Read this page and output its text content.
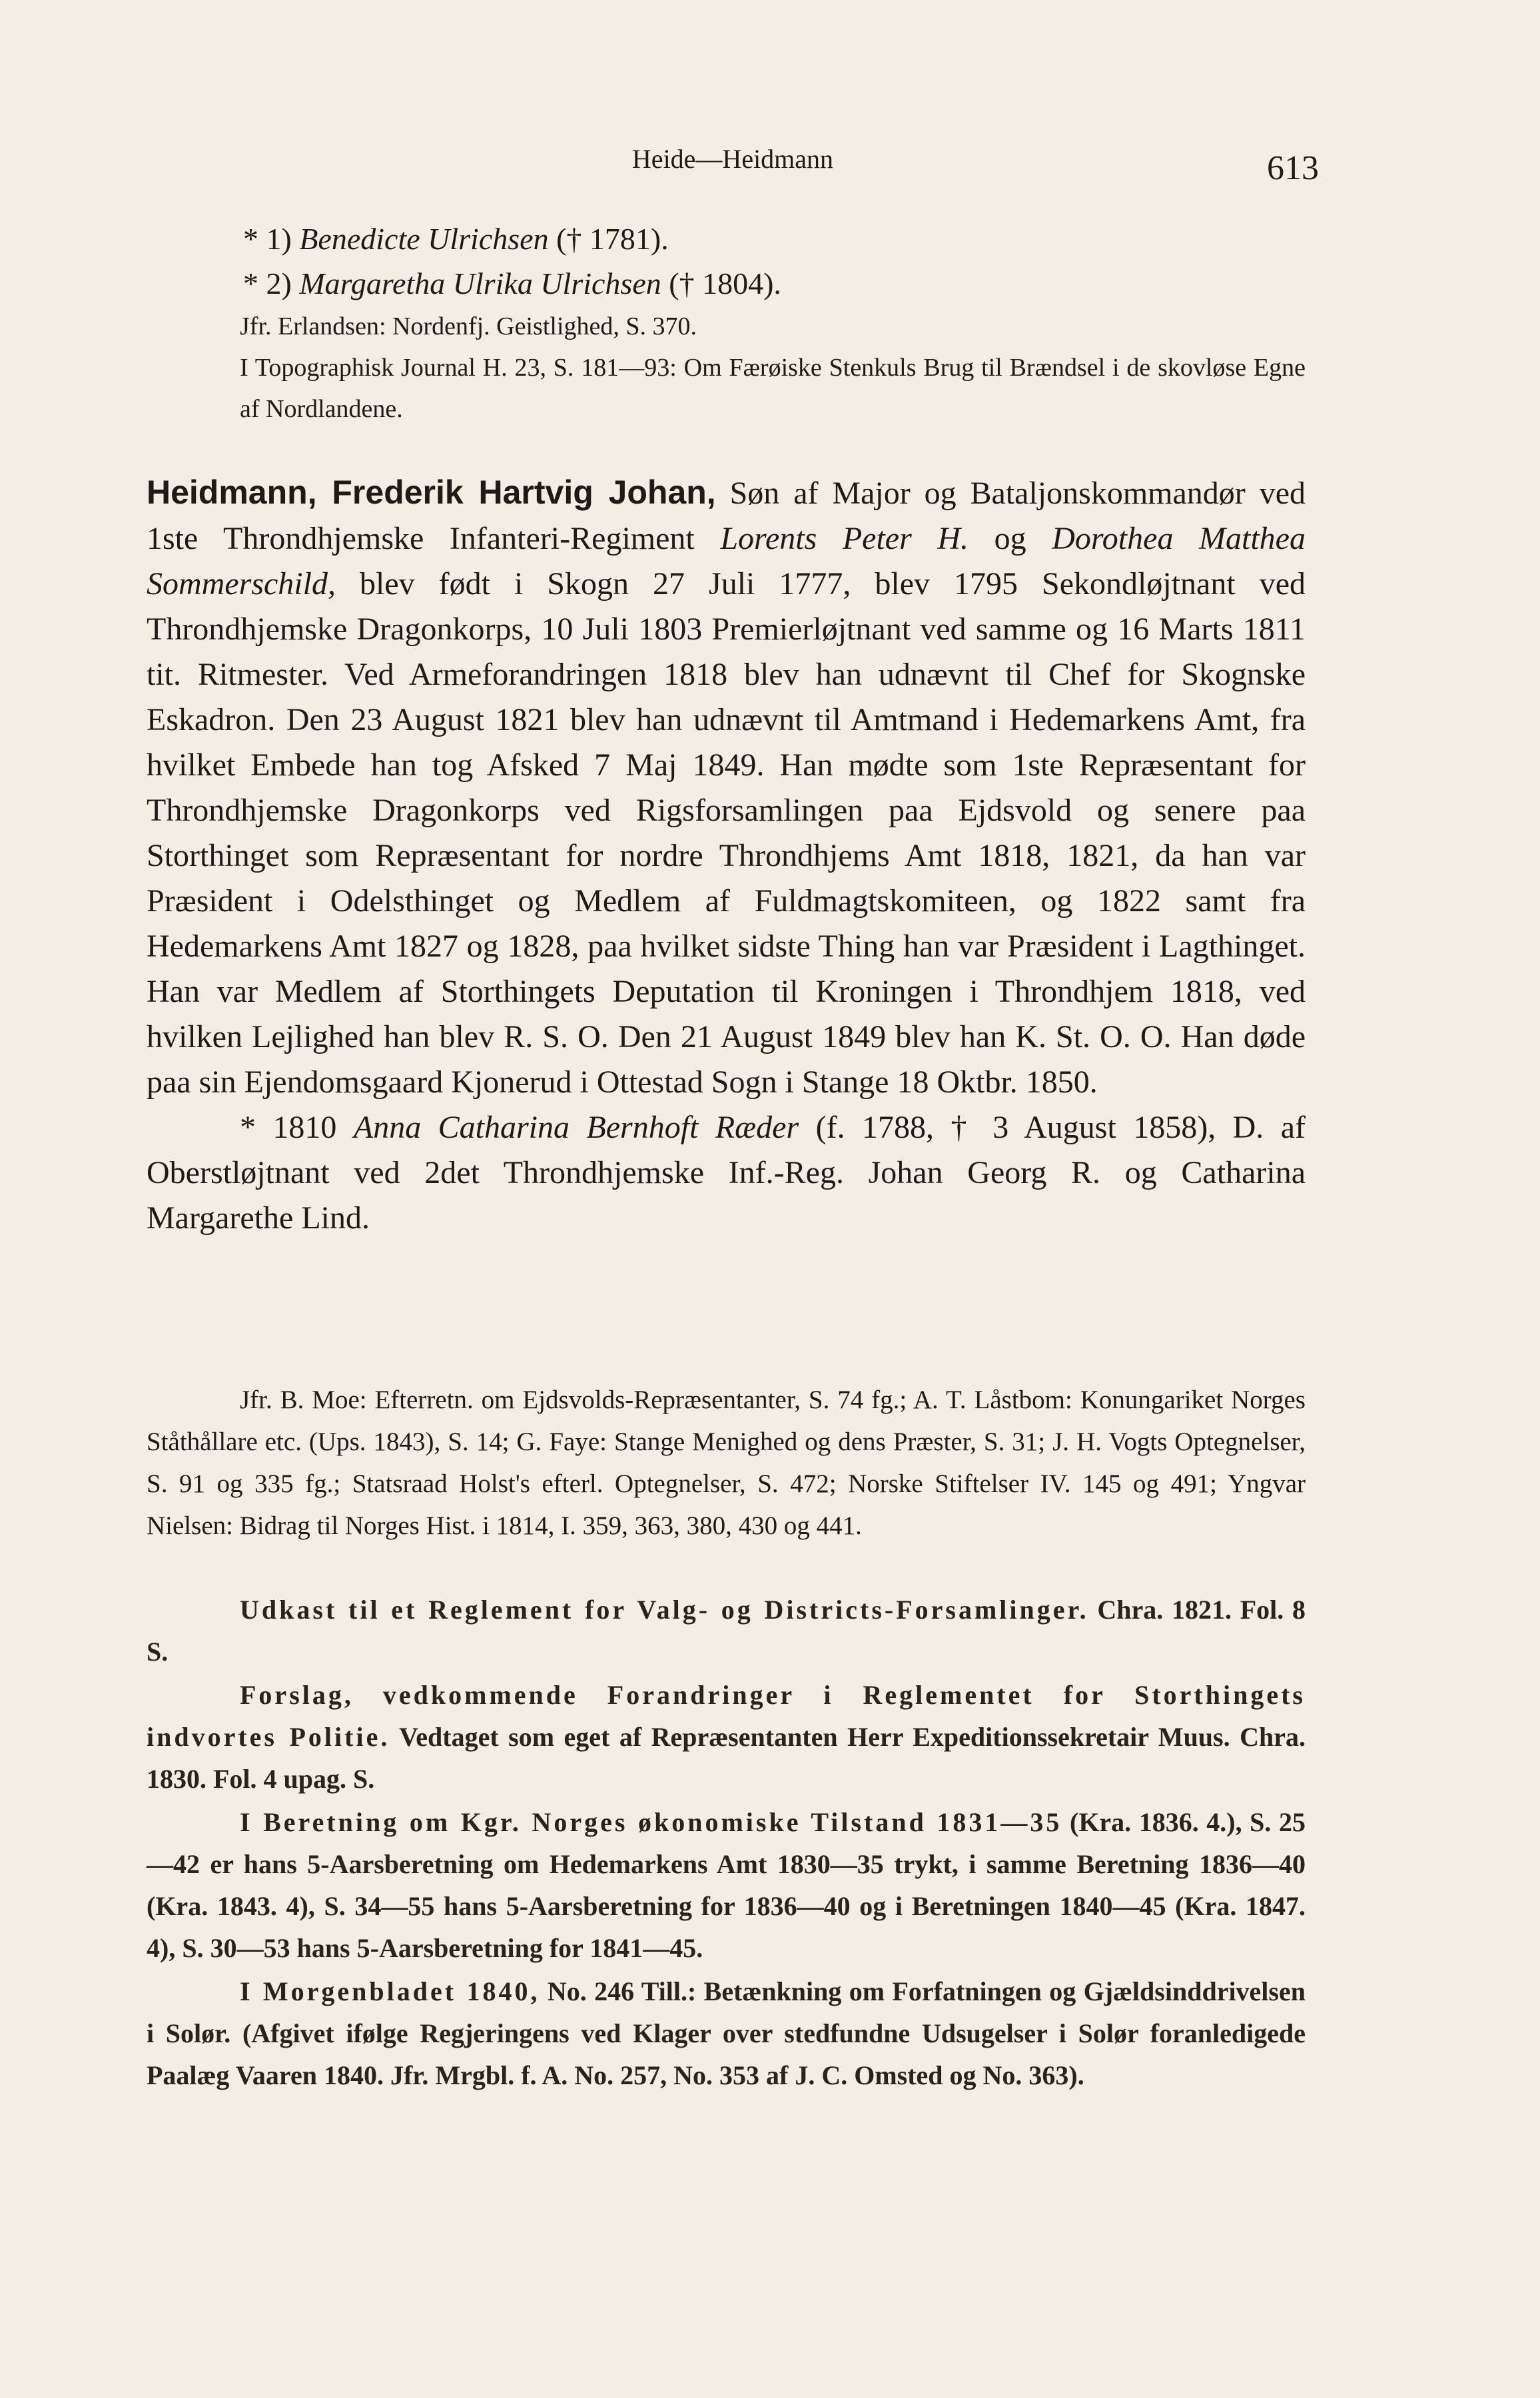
Heide—Heidmann	613

* 1) Benedicte Ulrichsen († 1781).

* 2) Margaretha Ulrika Ulrichsen († 1804).

Jfr. Erlandsen: Nordenfj. Geistlighed, S. 370.

I Topographisk Journal H. 23, S. 181—93: Om Færøiske Stenkuls Brug til Brændsel i de skovløse Egne af Nordlandene.

Heidmann, Frederik Hartvig Johan, Søn af Major og Bataljonskommandør ved 1ste Throndhjemske Infanteri-Regiment Lorents Peter H. og Dorothea Matthea Sommerschild, blev født i Skogn 27 Juli 1777, blev 1795 Sekondløjtnant ved Throndhjemske Dragonkorps, 10 Juli 1803 Premierløjtnant ved samme og 16 Marts 1811 tit. Ritmester. Ved Armeforandringen 1818 blev han udnævnt til Chef for Skognske Eskadron. Den 23 August 1821 blev han udnævnt til Amtmand i Hedemarkens Amt, fra hvilket Embede han tog Afsked 7 Maj 1849. Han mødte som 1ste Repræsentant for Throndhjemske Dragonkorps ved Rigsforsamlingen paa Ejdsvold og senere paa Storthinget som Repræsentant for nordre Throndhjems Amt 1818, 1821, da han var Præsident i Odelsthinget og Medlem af Fuldmagtskomiteen, og 1822 samt fra Hedemarkens Amt 1827 og 1828, paa hvilket sidste Thing han var Præsident i Lagthinget. Han var Medlem af Storthingets Deputation til Kroningen i Throndhjem 1818, ved hvilken Lejlighed han blev R. S. O. Den 21 August 1849 blev han K. St. O. O. Han døde paa sin Ejendomsgaard Kjonerud i Ottestad Sogn i Stange 18 Oktbr. 1850.

* 1810 Anna Catharina Bernhoft Ræder (f. 1788, † 3 August 1858), D. af Oberstløjtnant ved 2det Throndhjemske Inf.-Reg. Johan Georg R. og Catharina Margarethe Lind.

Jfr. B. Moe: Efterretn. om Ejdsvolds-Repræsentanter, S. 74 fg.; A. T. Låstbom: Konungariket Norges Ståthållare etc. (Ups. 1843), S. 14; G. Faye: Stange Menighed og dens Præster, S. 31; J. H. Vogts Optegnelser, S. 91 og 335 fg.; Statsraad Holst's efterl. Optegnelser, S. 472; Norske Stiftelser IV. 145 og 491; Yngvar Nielsen: Bidrag til Norges Hist. i 1814, I. 359, 363, 380, 430 og 441.

Udkast til et Reglement for Valg- og Districts-Forsamlinger. Chra. 1821. Fol. 8 S.

Forslag, vedkommende Forandringer i Reglementet for Storthingets indvortes Politie. Vedtaget som eget af Repræsentanten Herr Expeditionssekretair Muus. Chra. 1830. Fol. 4 upag. S.

I Beretning om Kgr. Norges økonomiske Tilstand 1831—35 (Kra. 1836. 4.), S. 25—42 er hans 5-Aarsberetning om Hedemarkens Amt 1830—35 trykt, i samme Beretning 1836—40 (Kra. 1843. 4), S. 34—55 hans 5-Aarsberetning for 1836—40 og i Beretningen 1840—45 (Kra. 1847. 4), S. 30—53 hans 5-Aarsberetning for 1841—45.

I Morgenbladet 1840, No. 246 Till.: Betænkning om Forfatningen og Gjældsinddrivelsen i Solør. (Afgivet ifølge Regjeringens ved Klager over stedfundne Udsugelser i Solør foranledigede Paalæg Vaaren 1840. Jfr. Mrgbl. f. A. No. 257, No. 353 af J. C. Omsted og No. 363).
